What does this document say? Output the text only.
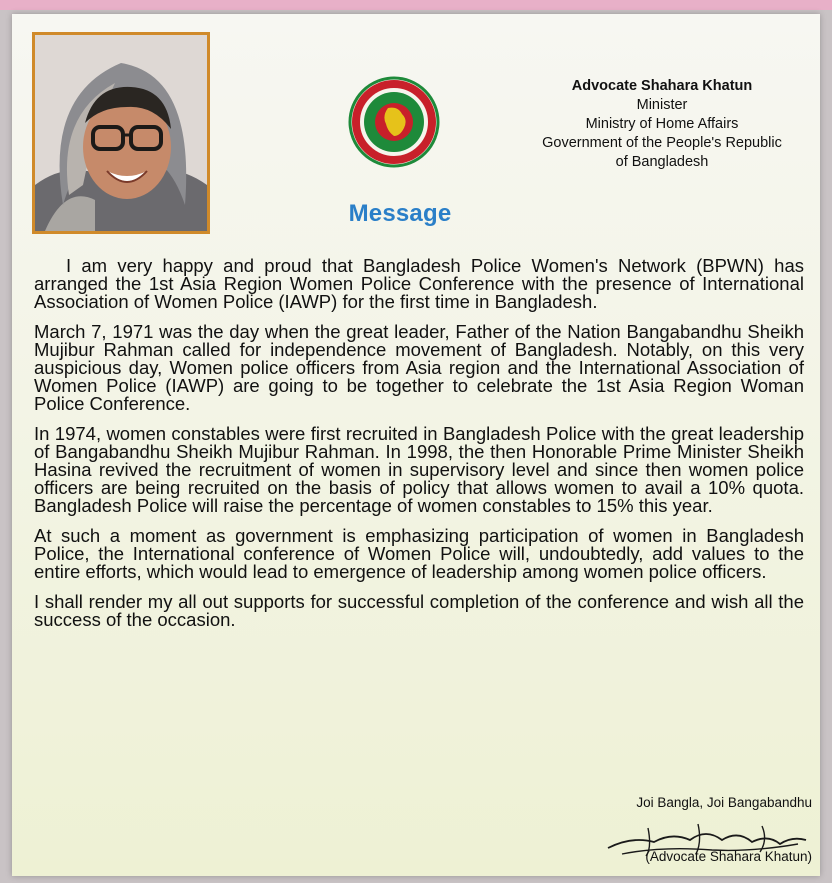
Message
Advocate Shahara Khatun
Minister
Ministry of Home Affairs
Government of the People's Republic
of Bangladesh

I am very happy and proud that Bangladesh Police Women's Network (BPWN) has arranged the 1st Asia Region Women Police Conference with the presence of International Association of Women Police (IAWP) for the first time in Bangladesh.

March 7, 1971 was the day when the great leader, Father of the Nation Bangabandhu Sheikh Mujibur Rahman called for independence movement of Bangladesh. Notably, on this very auspicious day, Women police officers from Asia region and the International Association of Women Police (IAWP) are going to be together to celebrate the 1st Asia Region Woman Police Conference.

In 1974, women constables were first recruited in Bangladesh Police with the great leadership of Bangabandhu Sheikh Mujibur Rahman. In 1998, the then Honorable Prime Minister Sheikh Hasina revived the recruitment of women in supervisory level and since then women police officers are being recruited on the basis of policy that allows women to avail a 10% quota. Bangladesh Police will raise the percentage of women constables to 15% this year.

At such a moment as government is emphasizing participation of women in Bangladesh Police, the International conference of Women Police will, undoubtedly, add values to the entire efforts, which would lead to emergence of leadership among women police officers.

I shall render my all out supports for successful completion of the conference and wish all the success of the occasion.

Joi Bangla, Joi Bangabandhu
(Advocate Shahara Khatun)
